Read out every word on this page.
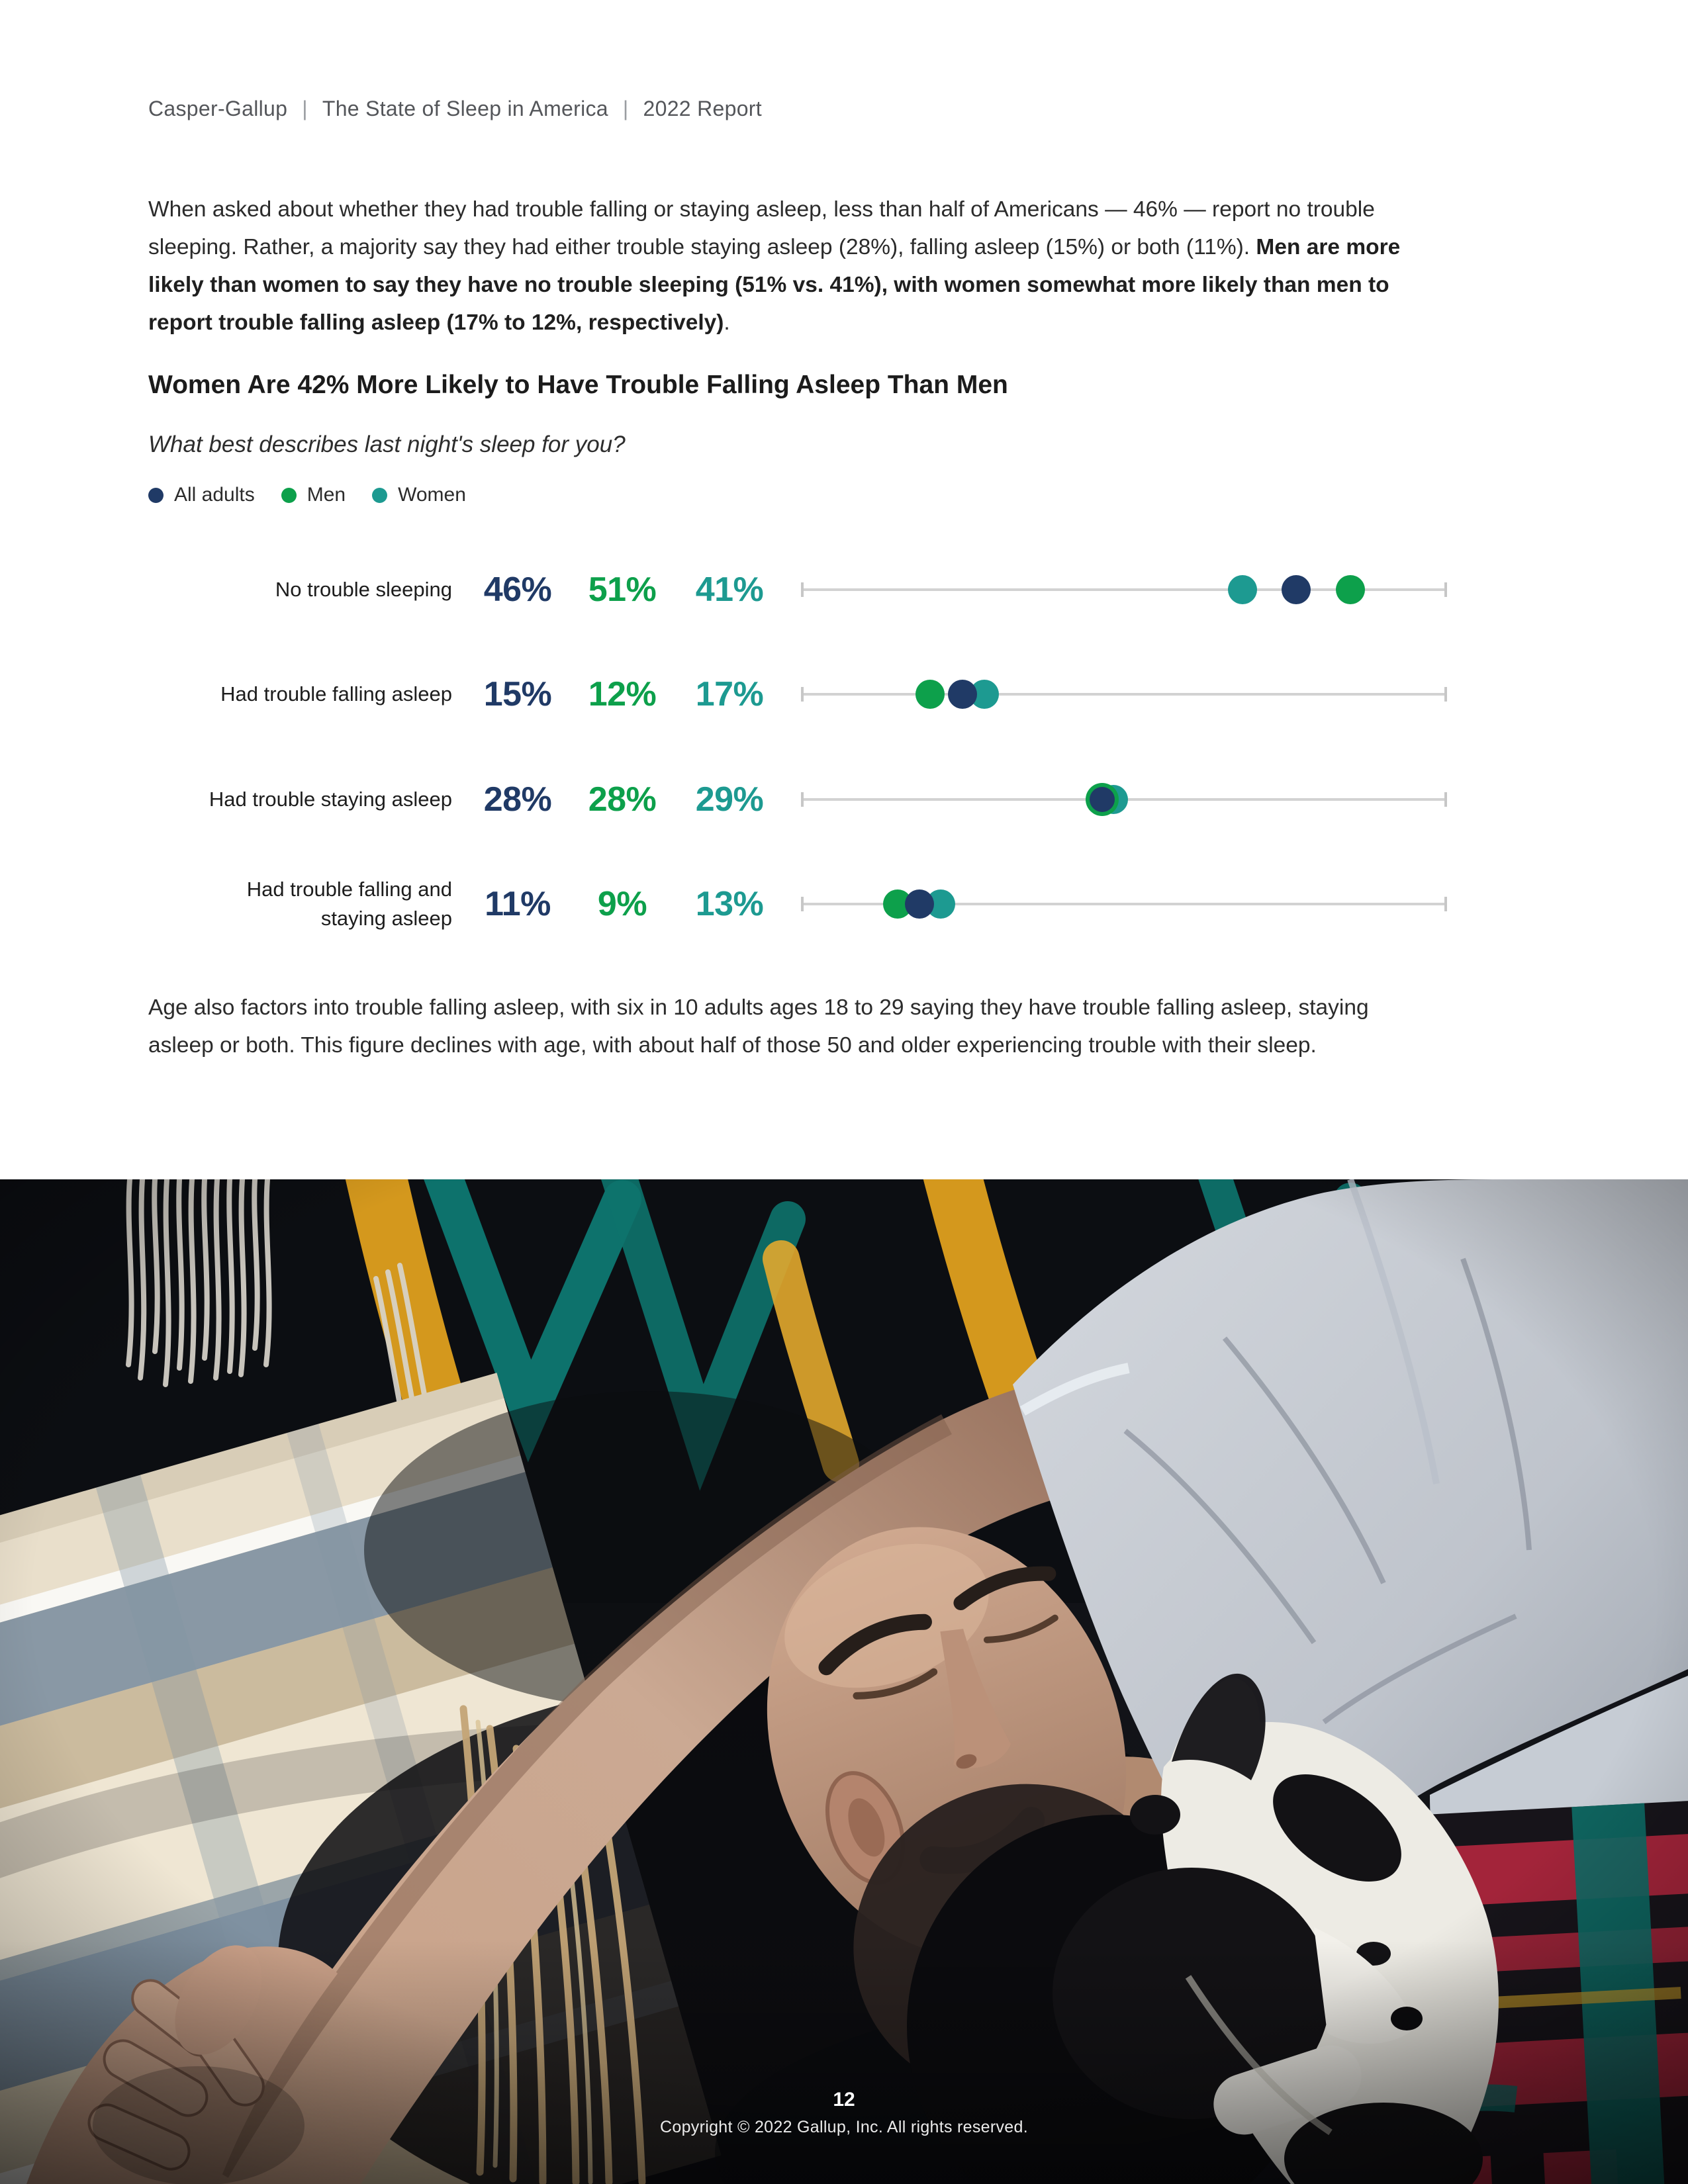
Casper-Gallup | The State of Sleep in America | 2022 Report
When asked about whether they had trouble falling or staying asleep, less than half of Americans — 46% — report no trouble sleeping. Rather, a majority say they had either trouble staying asleep (28%), falling asleep (15%) or both (11%). Men are more likely than women to say they have no trouble sleeping (51% vs. 41%), with women somewhat more likely than men to report trouble falling asleep (17% to 12%, respectively).
Women Are 42% More Likely to Have Trouble Falling Asleep Than Men
What best describes last night's sleep for you?
All adults	Men	Women
No trouble sleeping 46%	51%	41%
Had trouble falling asleep 15%	12%	17%
Had trouble staying asleep 28%	28%	29%
Had trouble falling and
staying asleep 11%	9%	13%
Age also factors into trouble falling asleep, with six in 10 adults ages 18 to 29 saying they have trouble falling asleep, staying asleep or both. This figure declines with age, with about half of those 50 and older experiencing trouble with their sleep.
12
Copyright © 2022 Gallup, Inc. All rights reserved.
